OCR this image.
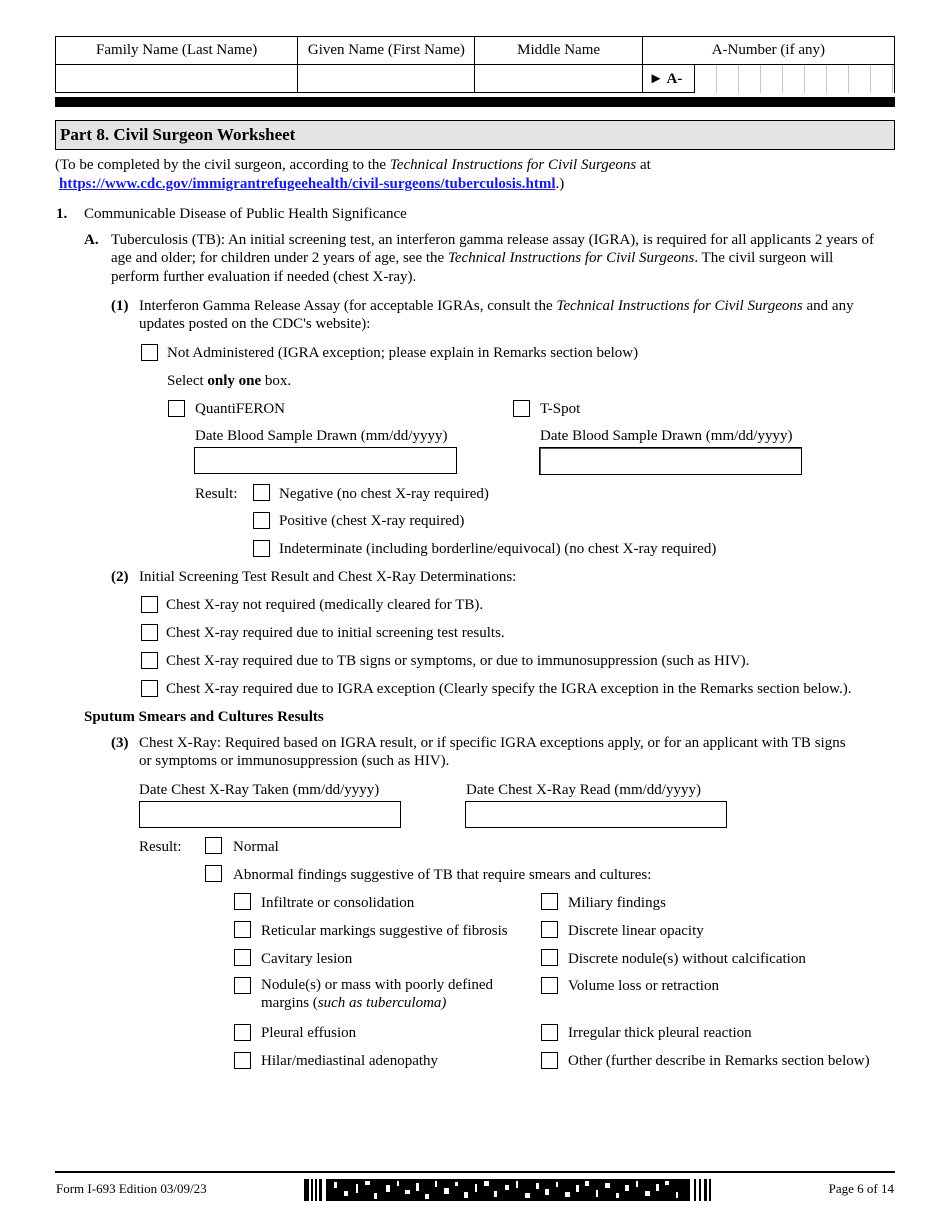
Family Name (Last Name)	Given Name (First Name)	Middle Name	A-Number (if any)

			► A-
Part 8. Civil Surgeon Worksheet
(To be completed by the civil surgeon, according to the Technical Instructions for Civil Surgeons at
https://www.cdc.gov/immigrantrefugeehealth/civil-surgeons/tuberculosis.html.)
1. Communicable Disease of Public Health Significance
A. Tuberculosis (TB): An initial screening test, an interferon gamma release assay (IGRA), is required for all applicants 2 years of
age and older; for children under 2 years of age, see the Technical Instructions for Civil Surgeons. The civil surgeon will
perform further evaluation if needed (chest X-ray).
(1) Interferon Gamma Release Assay (for acceptable IGRAs, consult the Technical Instructions for Civil Surgeons and any
updates posted on the CDC's website):
Not Administered (IGRA exception; please explain in Remarks section below)
Select only one box.
QuantiFERON	T-Spot
Date Blood Sample Drawn (mm/dd/yyyy)	Date Blood Sample Drawn (mm/dd/yyyy)
Result:	Negative (no chest X-ray required)
Positive (chest X-ray required)
Indeterminate (including borderline/equivocal) (no chest X-ray required)
(2) Initial Screening Test Result and Chest X-Ray Determinations:
Chest X-ray not required (medically cleared for TB).
Chest X-ray required due to initial screening test results.
Chest X-ray required due to TB signs or symptoms, or due to immunosuppression (such as HIV).
Chest X-ray required due to IGRA exception (Clearly specify the IGRA exception in the Remarks section below.).
Sputum Smears and Cultures Results
(3) Chest X-Ray: Required based on IGRA result, or if specific IGRA exceptions apply, or for an applicant with TB signs
or symptoms or immunosuppression (such as HIV).
Date Chest X-Ray Taken (mm/dd/yyyy)	Date Chest X-Ray Read (mm/dd/yyyy)
Result:	Normal
Abnormal findings suggestive of TB that require smears and cultures:
Infiltrate or consolidation
Reticular markings suggestive of fibrosis
Cavitary lesion
Nodule(s) or mass with poorly defined
margins (such as tuberculoma)
Pleural effusion
Hilar/mediastinal adenopathy
Miliary findings
Discrete linear opacity
Discrete nodule(s) without calcification
Volume loss or retraction
Irregular thick pleural reaction
Other (further describe in Remarks section below)
Form I-693 Edition 03/09/23	Page 6 of 14
